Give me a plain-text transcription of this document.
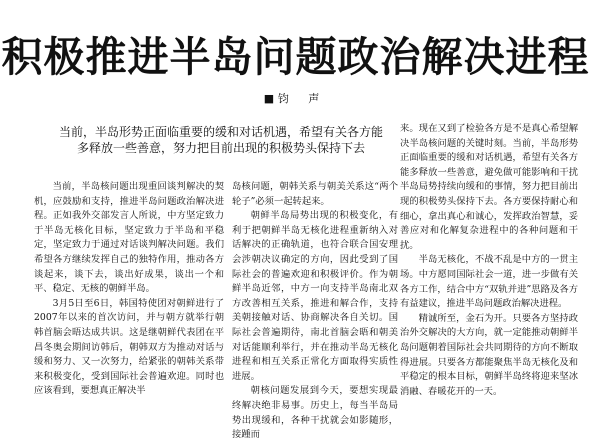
积极推进半岛问题政治解决进程
■ 钧 声
当前，半岛形势正面临重要的缓和对话机遇，希望有关各方能多释放一些善意，努力把目前出现的积极势头保持下去

当前，半岛核问题出现重回谈判解决的契机，应鼓励和支持，推进半岛问题政治解决进程。正如我外交部发言人所说，中方坚定致力于半岛无核化目标，坚定致力于半岛和平稳定，坚定致力于通过对话谈判解决问题。我们希望各方继续发挥自己的独特作用，推动各方谈起来，谈下去，谈出好成果，谈出一个和平、稳定、无核的朝鲜半岛。

3月5日至6日，韩国特使团对朝鲜进行了2007年以来的首次访问，并与朝方就举行朝韩首脑会晤达成共识。这是继朝鲜代表团在平昌冬奥会期间访韩后，朝韩双方为推动对话与缓和努力、又一次努力，给紧张的朝韩关系带来积极变化，受到国际社会普遍欢迎。同时也应该看到，要想真正解决半

岛核问题，朝韩关系与朝美关系这“两个轮子”必须一起转起来。

朝鲜半岛局势出现的积极变化，有利于把朝鲜半岛无核化进程重新纳入对话解决的正确轨道，也符合联合国安理会涉朝决议确定的方向，因此受到了国际社会的普遍欢迎和积极评价。作为朝鲜半岛近邻，中方一向支持半岛南北双方改善相互关系，推进和解合作，支持美朝接触对话、协商解决各自关切。国际社会普遍期待，南北首脑会晤和朝美对话能顺利举行，并在推动半岛无核化进程和相互关系正常化方面取得实质性进展。

朝核问题发展到今天，要想实现最终解决绝非易事。历史上，每当半岛局势出现缓和，各种干扰就会如影随形，接踵而

来。现在又到了检验各方是不是真心希望解决半岛核问题的关键时刻。当前，半岛形势正面临重要的缓和对话机遇，希望有关各方能多释放一些善意，避免做可能影响和干扰半岛局势持续向缓和的事情，努力把目前出现的积极势头保持下去。各方要保持耐心和细心，拿出真心和诚心，发挥政治智慧，妥善应对和化解复杂进程中的各种问题和干扰。

半岛无核化，不战不乱是中方的一贯主场。中方愿同国际社会一道，进一步做有关各方工作，结合中方“双轨并进”思路及各方有益建议，推进半岛问题政治解决进程。

精诚所至，金石为开。只要各方坚持政治外交解决的大方向，就一定能推动朝鲜半岛问题朝着国际社会共同期待的方向不断取得进展。只要各方都能聚焦半岛无核化及和平稳定的根本目标，朝鲜半岛终将迎来坚冰消融、春暖花开的一天。
